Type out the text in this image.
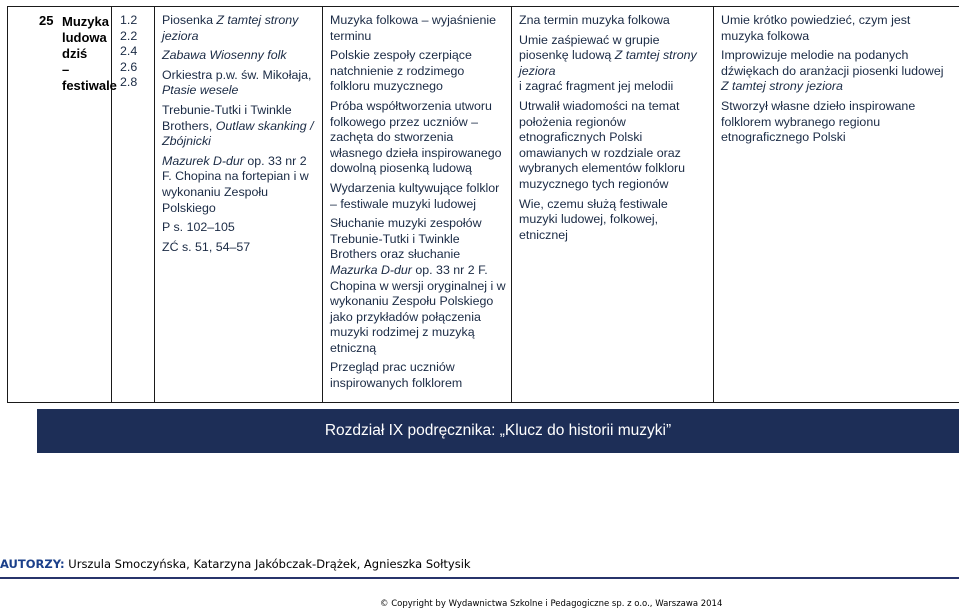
25 Muzyka
ludowa dziś
– festiwale

1.2
2.2
2.4
2.6
2.8

Piosenka Z tamtej strony jeziora
Zabawa Wiosenny folk
Orkiestra p.w. św. Mikołaja, Ptasie wesele
Trebunie-Tutki i Twinkle Brothers, Outlaw skanking / Zbójnicki
Mazurek D-dur op. 33 nr 2 F. Chopina na fortepian i w wykonaniu Zespołu Polskiego
P s. 102–105
ZĆ s. 51, 54–57

Muzyka folkowa – wyjaśnienie terminu
Polskie zespoły czerpiące natchnienie z rodzimego folkloru muzycznego
Próba współtworzenia utworu folkowego przez uczniów – zachęta do stworzenia własnego dzieła inspirowanego dowolną piosenką ludową
Wydarzenia kultywujące folklor – festiwale muzyki ludowej
Słuchanie muzyki zespołów Trebunie-Tutki i Twinkle Brothers oraz słuchanie Mazurka D-dur op. 33 nr 2 F. Chopina w wersji oryginalnej i w wykonaniu Zespołu Polskiego jako przykładów połączenia muzyki rodzimej z muzyką etniczną
Przegląd prac uczniów inspirowanych folklorem

Zna termin muzyka folkowa
Umie zaśpiewać w grupie piosenkę ludową Z tamtej strony jeziora
i zagrać fragment jej melodii
Utrwalił wiadomości na temat położenia regionów etnograficznych Polski omawianych w rozdziale oraz wybranych elementów folkloru muzycznego tych regionów
Wie, czemu służą festiwale muzyki ludowej, folkowej, etnicznej

Umie krótko powiedzieć, czym jest muzyka folkowa
Improwizuje melodie na podanych dźwiękach do aranżacji piosenki ludowej Z tamtej strony jeziora
Stworzył własne dzieło inspirowane folklorem wybranego regionu etnograficznego Polski
Rozdział IX podręcznika: „Klucz do historii muzyki”
AUTORZY: Urszula Smoczyńska, Katarzyna Jakóbczak-Drążek, Agnieszka Sołtysik
© Copyright by Wydawnictwa Szkolne i Pedagogiczne sp. z o.o., Warszawa 2014
